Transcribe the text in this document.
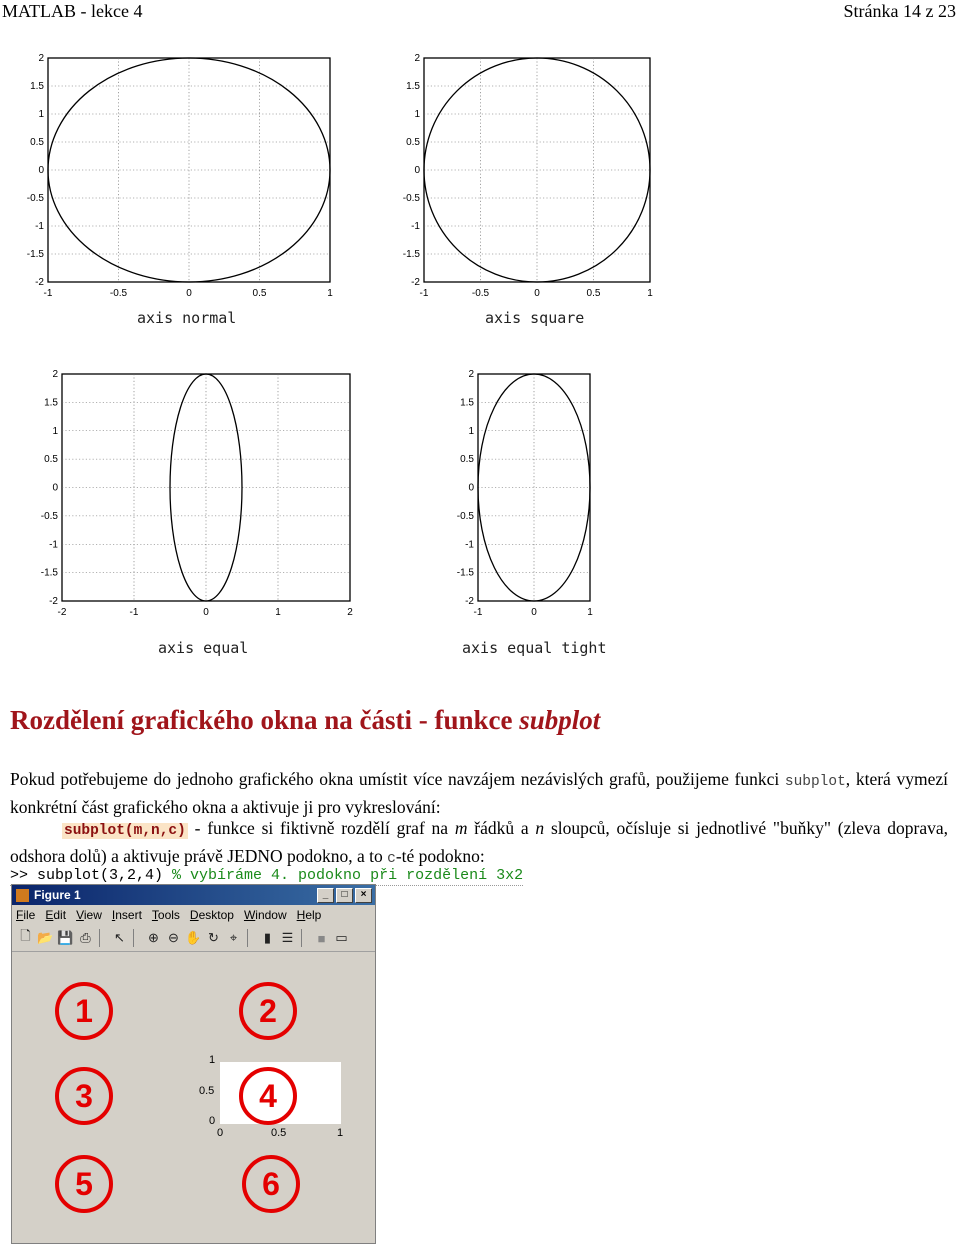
MATLAB - lekce 4	Stránka 14 z 23
-1	-0.5	0	0.5	1
2
1.5
1
0.5
0
-0.5
-1
-1.5
-2
axis normal
-1	-0.5	0	0.5	1
2
1.5
1
0.5
0
-0.5
-1
-1.5
-2
axis square
-2	-1	0	1	2
2
1.5
1
0.5
0
-0.5
-1
-1.5
-2
axis equal
-1	0	1
2
1.5
1
0.5
0
-0.5
-1
-1.5
-2
axis equal tight
Rozdělení grafického okna na části - funkce subplot
Pokud potřebujeme do jednoho grafického okna umístit více navzájem nezávislých grafů, použijeme funkci subplot, která vymezí konkrétní část grafického okna a aktivuje ji pro vykreslování:
subplot(m,n,c) - funkce si fiktivně rozdělí graf na m řádků a n sloupců, očísluje si jednotlivé "buňky" (zleva doprava, odshora dolů) a aktivuje právě JEDNO podokno, a to c-té podokno:
>> subplot(3,2,4) % vybíráme 4. podokno při rozdělení 3x2
Figure 1	_	□	×
File Edit View Insert Tools Desktop Window Help
🗋 📂 💾 ⎙	↖	⊕ ⊖ ✋ ↻ ⌖	▮ ☰	■ ▭
1	2
3
5	6
1
0.5
0
0	0.5	1
4
